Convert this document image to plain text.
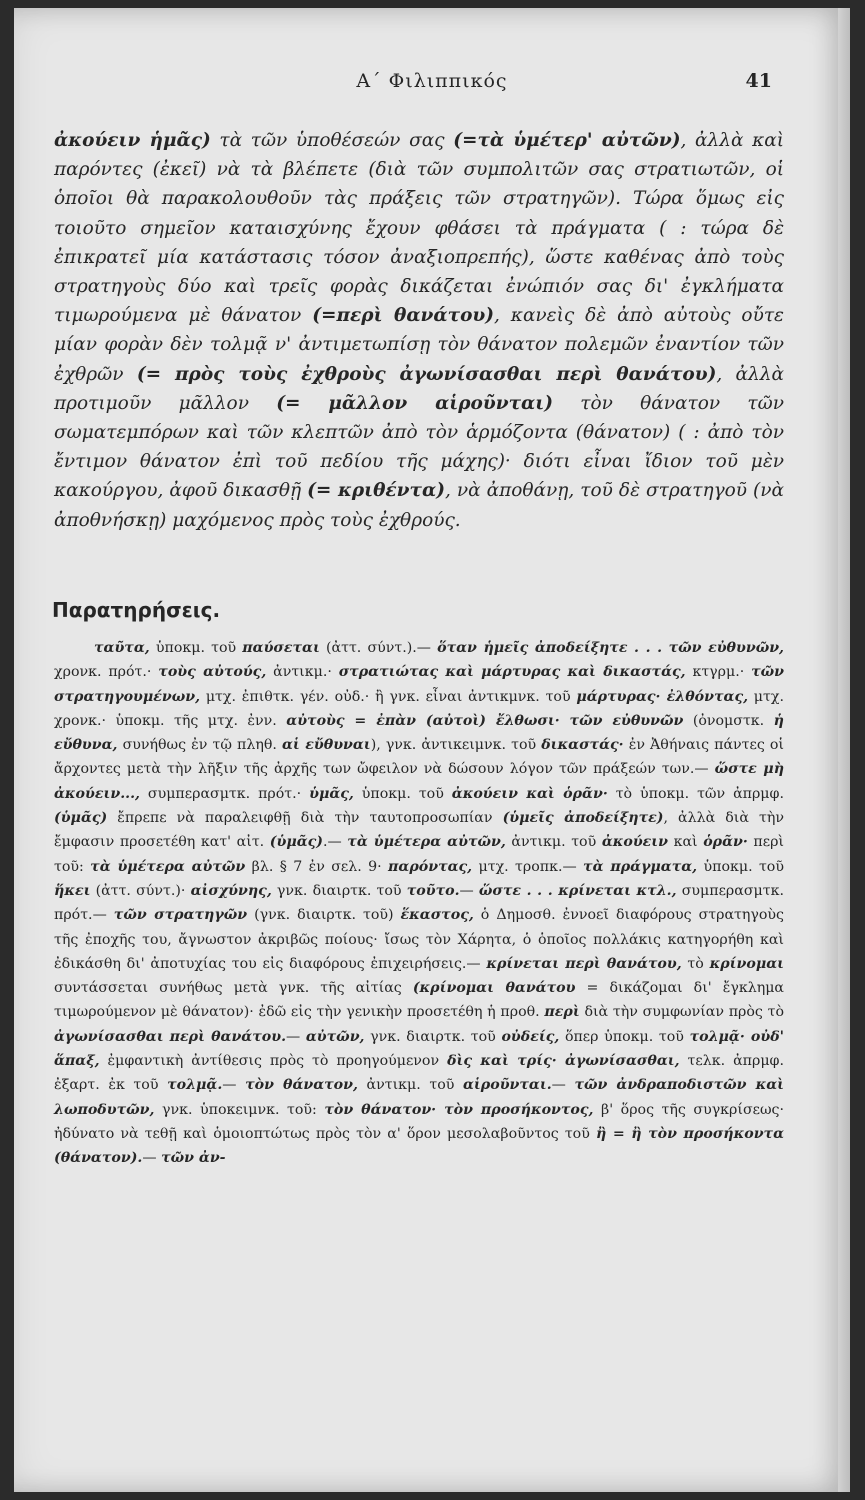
Α΄ Φιλιππικός	41
ἀκούειν ἡμᾶς) τὰ τῶν ὑποθέσεών σας (=τὰ ὑμέτερ' αὐτῶν), ἀλλὰ καὶ παρόντες (ἐκεῖ) νὰ τὰ βλέπετε (διὰ τῶν συμπολιτῶν σας στρατιωτῶν, οἱ ὁποῖοι θὰ παρακολουθοῦν τὰς πράξεις τῶν στρατηγῶν). Τώρα ὅμως εἰς τοιοῦτο σημεῖον καταισχύνης ἔχουν φθάσει τὰ πράγματα ( : τώρα δὲ ἐπικρατεῖ μία κατάστασις τόσον ἀναξιοπρεπής), ὥστε καθένας ἀπὸ τοὺς στρατηγοὺς δύο καὶ τρεῖς φορὰς δικάζεται ἐνώπιόν σας δι' ἐγκλήματα τιμωρούμενα μὲ θάνατον (=περὶ θανάτου), κανεὶς δὲ ἀπὸ αὐτοὺς οὔτε μίαν φορὰν δὲν τολμᾷ ν' ἀντιμετωπίσῃ τὸν θάνατον πολεμῶν ἐναντίον τῶν ἐχθρῶν (= πρὸς τοὺς ἐχθροὺς ἀγωνίσασθαι περὶ θανάτου), ἀλλὰ προτιμοῦν μᾶλλον (= μᾶλλον αἱροῦνται) τὸν θάνατον τῶν σωματεμπόρων καὶ τῶν κλεπτῶν ἀπὸ τὸν ἁρμόζοντα (θάνατον) ( : ἀπὸ τὸν ἔντιμον θάνατον ἐπὶ τοῦ πεδίου τῆς μάχης)· διότι εἶναι ἴδιον τοῦ μὲν κακούργου, ἀφοῦ δικασθῇ (= κριθέντα), νὰ ἀποθάνῃ, τοῦ δὲ στρατηγοῦ (νὰ ἀποθνήσκῃ) μαχόμενος πρὸς τοὺς ἐχθρούς.
Παρατηρήσεις.

ταῦτα, ὑποκμ. τοῦ παύσεται (ἀττ. σύντ.).— ὅταν ἡμεῖς ἀποδείξητε . . . τῶν εὐθυνῶν, χρονκ. πρότ.· τοὺς αὐτούς, ἀντικμ.· στρατιώτας καὶ μάρτυρας καὶ δικαστάς, κτγρμ.· τῶν στρατηγουμένων, μτχ. ἐπιθτκ. γέν. οὐδ.· ἢ γνκ. εἶναι ἀντικμνκ. τοῦ μάρτυρας· ἐλθόντας, μτχ. χρονκ.· ὑποκμ. τῆς μτχ. ἐνν. αὐτοὺς = ἐπὰν (αὐτοὶ) ἔλθωσι· τῶν εὐθυνῶν (ὀνομστκ. ἡ εὔθυνα, συνήθως ἐν τῷ πληθ. αἱ εὔθυναι), γνκ. ἀντικειμνκ. τοῦ δικαστάς· ἐν Ἀθήναις πάντες οἱ ἄρχοντες μετὰ τὴν λῆξιν τῆς ἀρχῆς των ὤφειλον νὰ δώσουν λόγον τῶν πράξεών των.— ὥστε μὴ ἀκούειν..., συμπερασμτκ. πρότ.· ὑμᾶς, ὑποκμ. τοῦ ἀκούειν καὶ ὁρᾶν· τὸ ὑποκμ. τῶν ἀπρμφ. (ὑμᾶς) ἔπρεπε νὰ παραλειφθῇ διὰ τὴν ταυτοπροσωπίαν (ὑμεῖς ἀποδείξητε), ἀλλὰ διὰ τὴν ἔμφασιν προσετέθη κατ' αἰτ. (ὑμᾶς).— τὰ ὑμέτερα αὐτῶν, ἀντικμ. τοῦ ἀκούειν καὶ ὁρᾶν· περὶ τοῦ: τὰ ὑμέτερα αὐτῶν βλ. § 7 ἐν σελ. 9· παρόντας, μτχ. τροπκ.— τὰ πράγματα, ὑποκμ. τοῦ ἥκει (ἀττ. σύντ.)· αἰσχύνης, γνκ. διαιρτκ. τοῦ τοῦτο.— ὥστε . . . κρίνεται κτλ., συμπερασμτκ. πρότ.— τῶν στρατηγῶν (γνκ. διαιρτκ. τοῦ) ἕκαστος, ὁ Δημοσθ. ἐννοεῖ διαφόρους στρατηγοὺς τῆς ἐποχῆς του, ἄγνωστον ἀκριβῶς ποίους· ἴσως τὸν Χάρητα, ὁ ὁποῖος πολλάκις κατηγορήθη καὶ ἐδικάσθη δι' ἀποτυχίας του εἰς διαφόρους ἐπιχειρήσεις.— κρίνεται περὶ θανάτου, τὸ κρίνομαι συντάσσεται συνήθως μετὰ γνκ. τῆς αἰτίας (κρίνομαι θανάτου = δικάζομαι δι' ἔγκλημα τιμωρούμενον μὲ θάνατον)· ἐδῶ εἰς τὴν γενικὴν προσετέθη ἡ προθ. περὶ διὰ τὴν συμφωνίαν πρὸς τὸ ἀγωνίσασθαι περὶ θανάτου.— αὐτῶν, γνκ. διαιρτκ. τοῦ οὐδείς, ὅπερ ὑποκμ. τοῦ τολμᾷ· οὐδ' ἅπαξ, ἐμφαντικὴ ἀντίθεσις πρὸς τὸ προηγούμενον δὶς καὶ τρίς· ἀγωνίσασθαι, τελκ. ἀπρμφ. ἐξαρτ. ἐκ τοῦ τολμᾷ.— τὸν θάνατον, ἀντικμ. τοῦ αἱροῦνται.— τῶν ἀνδραποδιστῶν καὶ λωποδυτῶν, γνκ. ὑποκειμνκ. τοῦ: τὸν θάνατον· τὸν προσήκοντος, β' ὅρος τῆς συγκρίσεως· ἠδύνατο νὰ τεθῇ καὶ ὁμοιοπτώτως πρὸς τὸν α' ὅρον μεσολαβοῦντος τοῦ ἢ = ἢ τὸν προσήκοντα (θάνατον).— τῶν ἀν-
